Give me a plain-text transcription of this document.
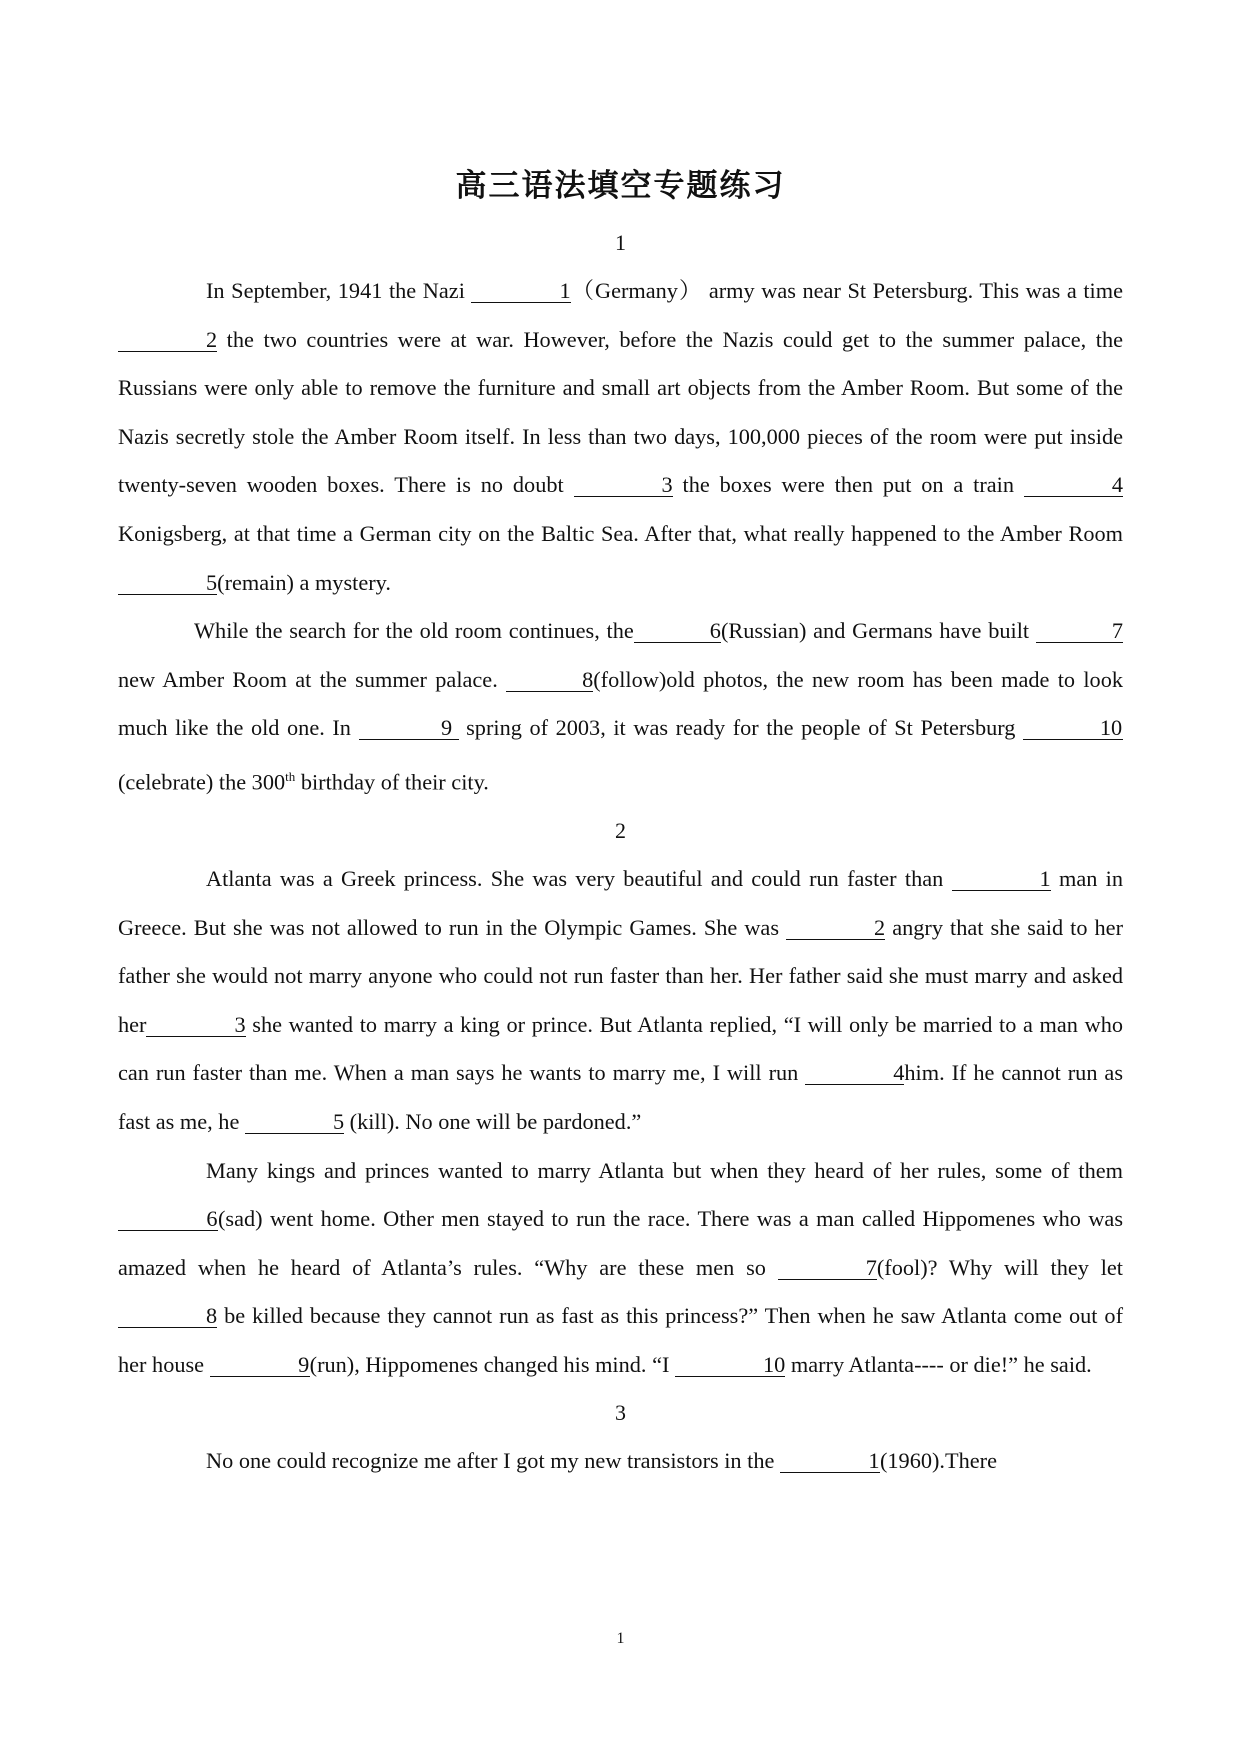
高三语法填空专题练习
1

In September, 1941 the Nazi	1（Germany） army was near St Petersburg. This was a time 2 the two countries were at war. However, before the Nazis could get to the summer palace, the Russians were only able to remove the furniture and small art objects from the Amber Room. But some of the Nazis secretly stole the Amber Room itself. In less than two days, 100,000 pieces of the room were put inside twenty-seven wooden boxes. There is no doubt	3 the boxes were then put on a train	4 Konigsberg, at that time a German city on the Baltic Sea. After that, what really happened to the Amber Room5(remain) a mystery.

While the search for the old room continues, the	6(Russian) and Germans have built	7 new Amber Room at the summer palace.	8(follow)old photos, the new room has been made to look much like the old one. In	9 spring of 2003, it was ready for the people of St Petersburg	10(celebrate) the 300th birthday of their city.

2

Atlanta was a Greek princess. She was very beautiful and could run faster than	1 man in Greece. But she was not allowed to run in the Olympic Games. She was	2 angry that she said to her father she would not marry anyone who could not run faster than her. Her father said she must marry and asked her	3 she wanted to marry a king or prince. But Atlanta replied, “I will only be married to a man who can run faster than me. When a man says he wants to marry me, I will run	4him. If he cannot run as fast as me, he	5 (kill). No one will be pardoned.”

Many kings and princes wanted to marry Atlanta but when they heard of her rules, some of them 6(sad) went home. Other men stayed to run the race. There was a man called Hippomenes who was amazed when he heard of Atlanta’s rules. “Why are these men so	7(fool)? Why will they let 8 be killed because they cannot run as fast as this princess?” Then when he saw Atlanta come out of her house	9(run), Hippomenes changed his mind. “I	10 marry Atlanta---- or die!” he said.

3

No one could recognize me after I got my new transistors in the	1(1960).There

1
